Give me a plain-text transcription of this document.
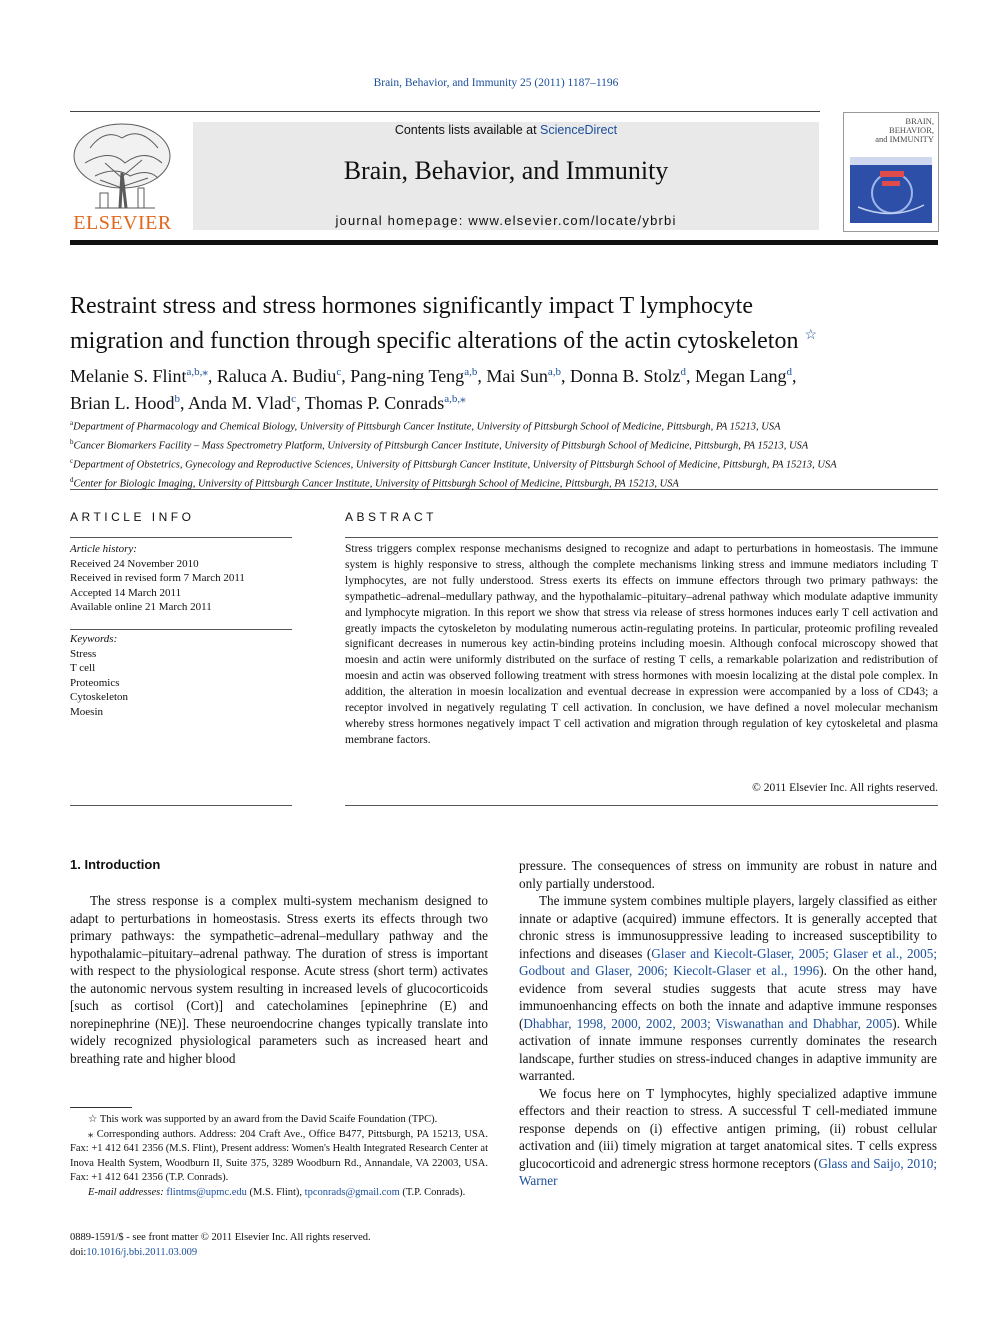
Brain, Behavior, and Immunity 25 (2011) 1187–1196
ELSEVIER
Contents lists available at ScienceDirect
Brain, Behavior, and Immunity
journal homepage: www.elsevier.com/locate/ybrbi
BRAIN,
BEHAVIOR,
and IMMUNITY
Restraint stress and stress hormones significantly impact T lymphocyte
migration and function through specific alterations of the actin cytoskeleton ☆
Melanie S. Flint$^{a,b,⁎}$, Raluca A. Budiu$^c$, Pang-ning Teng$^{a,b}$, Mai Sun$^{a,b}$, Donna B. Stolz$^d$, Megan Lang$^d$,
Brian L. Hood$^b$, Anda M. Vlad$^c$, Thomas P. Conrads$^{a,b,⁎}$
$^a$Department of Pharmacology and Chemical Biology, University of Pittsburgh Cancer Institute, University of Pittsburgh School of Medicine, Pittsburgh, PA 15213, USA
$^b$Cancer Biomarkers Facility – Mass Spectrometry Platform, University of Pittsburgh Cancer Institute, University of Pittsburgh School of Medicine, Pittsburgh, PA 15213, USA
$^c$Department of Obstetrics, Gynecology and Reproductive Sciences, University of Pittsburgh Cancer Institute, University of Pittsburgh School of Medicine, Pittsburgh, PA 15213, USA
$^d$Center for Biologic Imaging, University of Pittsburgh Cancer Institute, University of Pittsburgh School of Medicine, Pittsburgh, PA 15213, USA
ARTICLE INFO	ABSTRACT
Article history:
Received 24 November 2010
Received in revised form 7 March 2011
Accepted 14 March 2011
Available online 21 March 2011
Keywords:
Stress
T cell
Proteomics
Cytoskeleton
Moesin
Stress triggers complex response mechanisms designed to recognize and adapt to perturbations in homeostasis. The immune system is highly responsive to stress, although the complete mechanisms linking stress and immune mediators including T lymphocytes, are not fully understood. Stress exerts its effects on immune effectors through two primary pathways: the sympathetic–adrenal–medullary pathway, and the hypothalamic–pituitary–adrenal pathway which modulate adaptive immunity and lymphocyte migration. In this report we show that stress via release of stress hormones induces early T cell activation and greatly impacts the cytoskeleton by modulating numerous actin-regulating proteins. In particular, proteomic profiling revealed significant decreases in numerous key actin-binding proteins including moesin. Although confocal microscopy showed that moesin and actin were uniformly distributed on the surface of resting T cells, a remarkable polarization and redistribution of moesin and actin was observed following treatment with stress hormones with moesin localizing at the distal pole complex. In addition, the alteration in moesin localization and eventual decrease in expression were accompanied by a loss of CD43; a receptor involved in negatively regulating T cell activation. In conclusion, we have defined a novel molecular mechanism whereby stress hormones negatively impact T cell activation and migration through regulation of key cytoskeletal and plasma membrane factors.
© 2011 Elsevier Inc. All rights reserved.
1. Introduction

The stress response is a complex multi-system mechanism designed to adapt to perturbations in homeostasis. Stress exerts its effects through two primary pathways: the sympathetic–adrenal–medullary pathway and the hypothalamic–pituitary–adrenal pathway. The duration of stress is important with respect to the physiological response. Acute stress (short term) activates the autonomic nervous system resulting in increased levels of glucocorticoids [such as cortisol (Cort)] and catecholamines [epinephrine (E) and norepinephrine (NE)]. These neuroendocrine changes typically translate into widely recognized physiological parameters such as increased heart and breathing rate and higher blood

pressure. The consequences of stress on immunity are robust in nature and only partially understood.

The immune system combines multiple players, largely classified as either innate or adaptive (acquired) immune effectors. It is generally accepted that chronic stress is immunosuppressive leading to increased susceptibility to infections and diseases (Glaser and Kiecolt-Glaser, 2005; Glaser et al., 2005; Godbout and Glaser, 2006; Kiecolt-Glaser et al., 1996). On the other hand, evidence from several studies suggests that acute stress may have immunoenhancing effects on both the innate and adaptive immune responses (Dhabhar, 1998, 2000, 2002, 2003; Viswanathan and Dhabhar, 2005). While activation of innate immune responses currently dominates the research landscape, further studies on stress-induced changes in adaptive immunity are warranted.

We focus here on T lymphocytes, highly specialized adaptive immune effectors and their reaction to stress. A successful T cell-mediated immune response depends on (i) effective antigen priming, (ii) robust cellular activation and (iii) timely migration at target anatomical sites. T cells express glucocorticoid and adrenergic stress hormone receptors (Glass and Saijo, 2010; Warner

☆ This work was supported by an award from the David Scaife Foundation (TPC).

⁎ Corresponding authors. Address: 204 Craft Ave., Office B477, Pittsburgh, PA 15213, USA. Fax: +1 412 641 2356 (M.S. Flint), Present address: Women's Health Integrated Research Center at Inova Health System, Woodburn II, Suite 375, 3289 Woodburn Rd., Annandale, VA 22003, USA. Fax: +1 412 641 2356 (T.P. Conrads).

E-mail addresses: flintms@upmc.edu (M.S. Flint), tpconrads@gmail.com (T.P. Conrads).

0889-1591/$ - see front matter © 2011 Elsevier Inc. All rights reserved.
doi:10.1016/j.bbi.2011.03.009
